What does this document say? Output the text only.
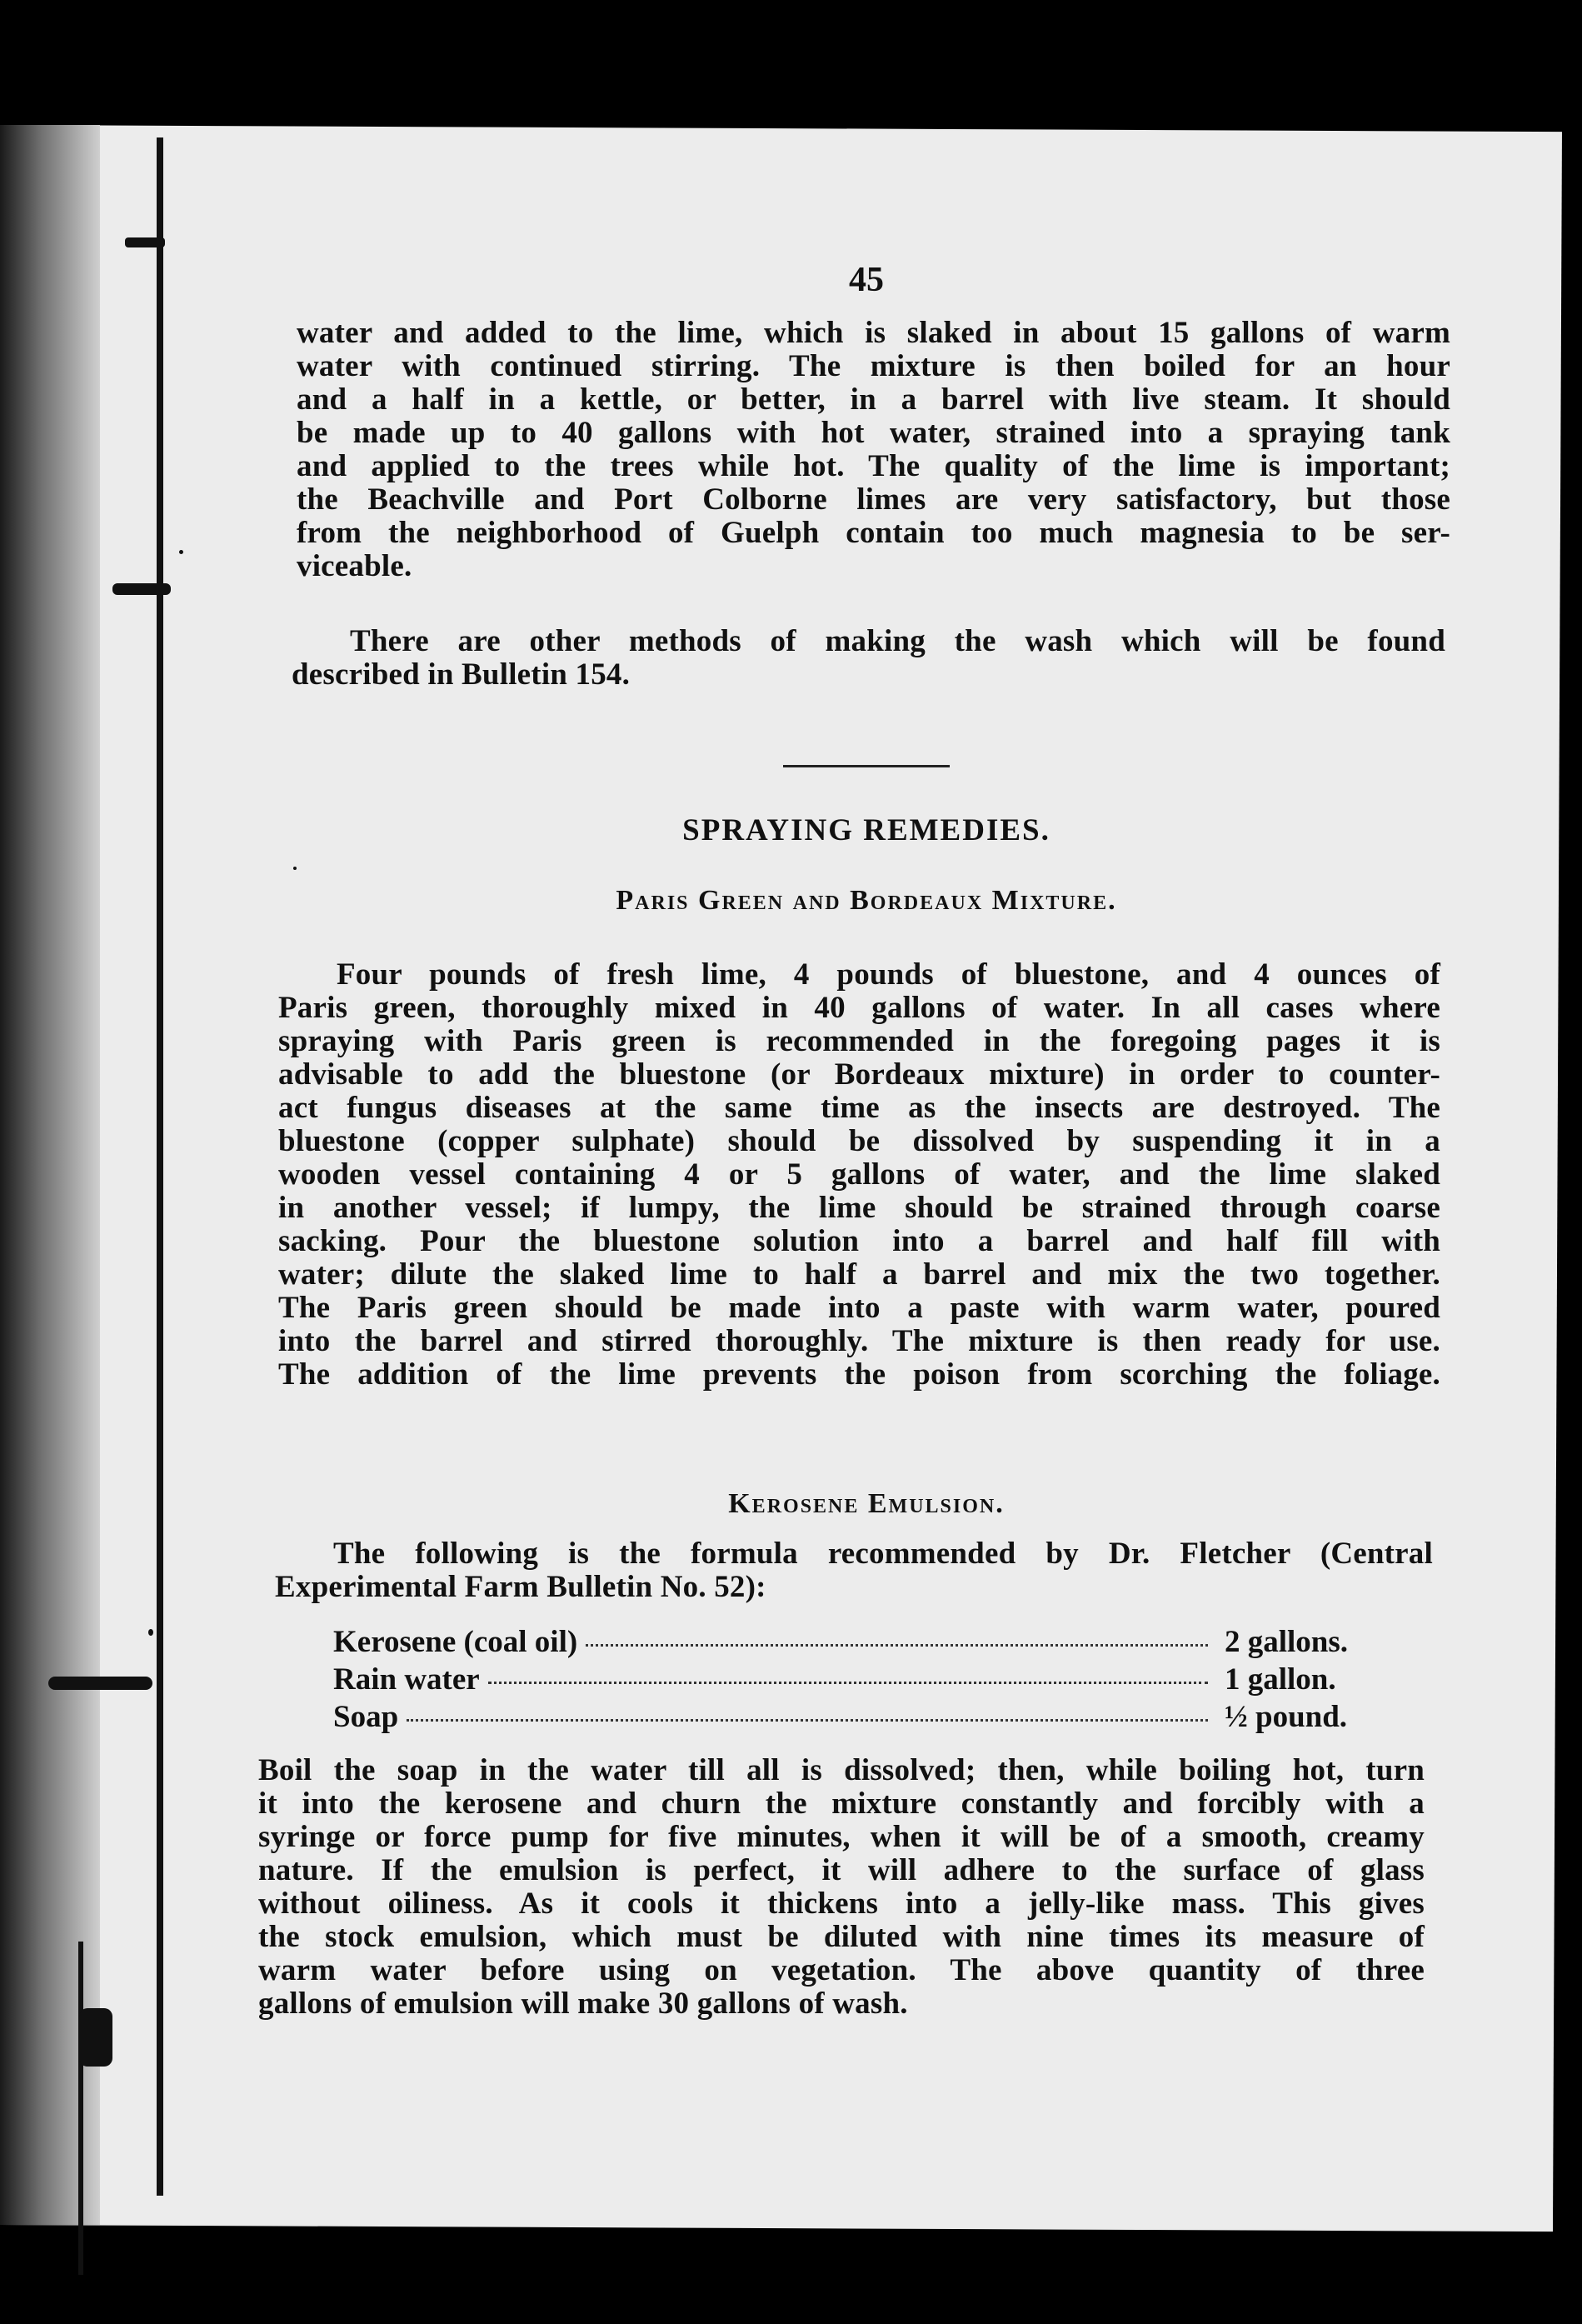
45
water and added to the lime, which is slaked in about 15 gallons of warm
water with continued stirring. The mixture is then boiled for an hour
and a half in a kettle, or better, in a barrel with live steam. It should
be made up to 40 gallons with hot water, strained into a spraying tank
and applied to the trees while hot. The quality of the lime is important;
the Beachville and Port Colborne limes are very satisfactory, but those
from the neighborhood of Guelph contain too much magnesia to be ser-
viceable.
There are other methods of making the wash which will be found
described in Bulletin 154.
SPRAYING REMEDIES.
Paris Green and Bordeaux Mixture.
Four pounds of fresh lime, 4 pounds of bluestone, and 4 ounces of
Paris green, thoroughly mixed in 40 gallons of water. In all cases where
spraying with Paris green is recommended in the foregoing pages it is
advisable to add the bluestone (or Bordeaux mixture) in order to counter-
act fungus diseases at the same time as the insects are destroyed. The
bluestone (copper sulphate) should be dissolved by suspending it in a
wooden vessel containing 4 or 5 gallons of water, and the lime slaked
in another vessel; if lumpy, the lime should be strained through coarse
sacking. Pour the bluestone solution into a barrel and half fill with
water; dilute the slaked lime to half a barrel and mix the two together.
The Paris green should be made into a paste with warm water, poured
into the barrel and stirred thoroughly. The mixture is then ready for use.
The addition of the lime prevents the poison from scorching the foliage.
Kerosene Emulsion.
The following is the formula recommended by Dr. Fletcher (Central
Experimental Farm Bulletin No. 52):
Kerosene (coal oil)	2 gallons.
Rain water	1 gallon.
Soap	½ pound.
Boil the soap in the water till all is dissolved; then, while boiling hot, turn
it into the kerosene and churn the mixture constantly and forcibly with a
syringe or force pump for five minutes, when it will be of a smooth, creamy
nature. If the emulsion is perfect, it will adhere to the surface of glass
without oiliness. As it cools it thickens into a jelly-like mass. This gives
the stock emulsion, which must be diluted with nine times its measure of
warm water before using on vegetation. The above quantity of three
gallons of emulsion will make 30 gallons of wash.
